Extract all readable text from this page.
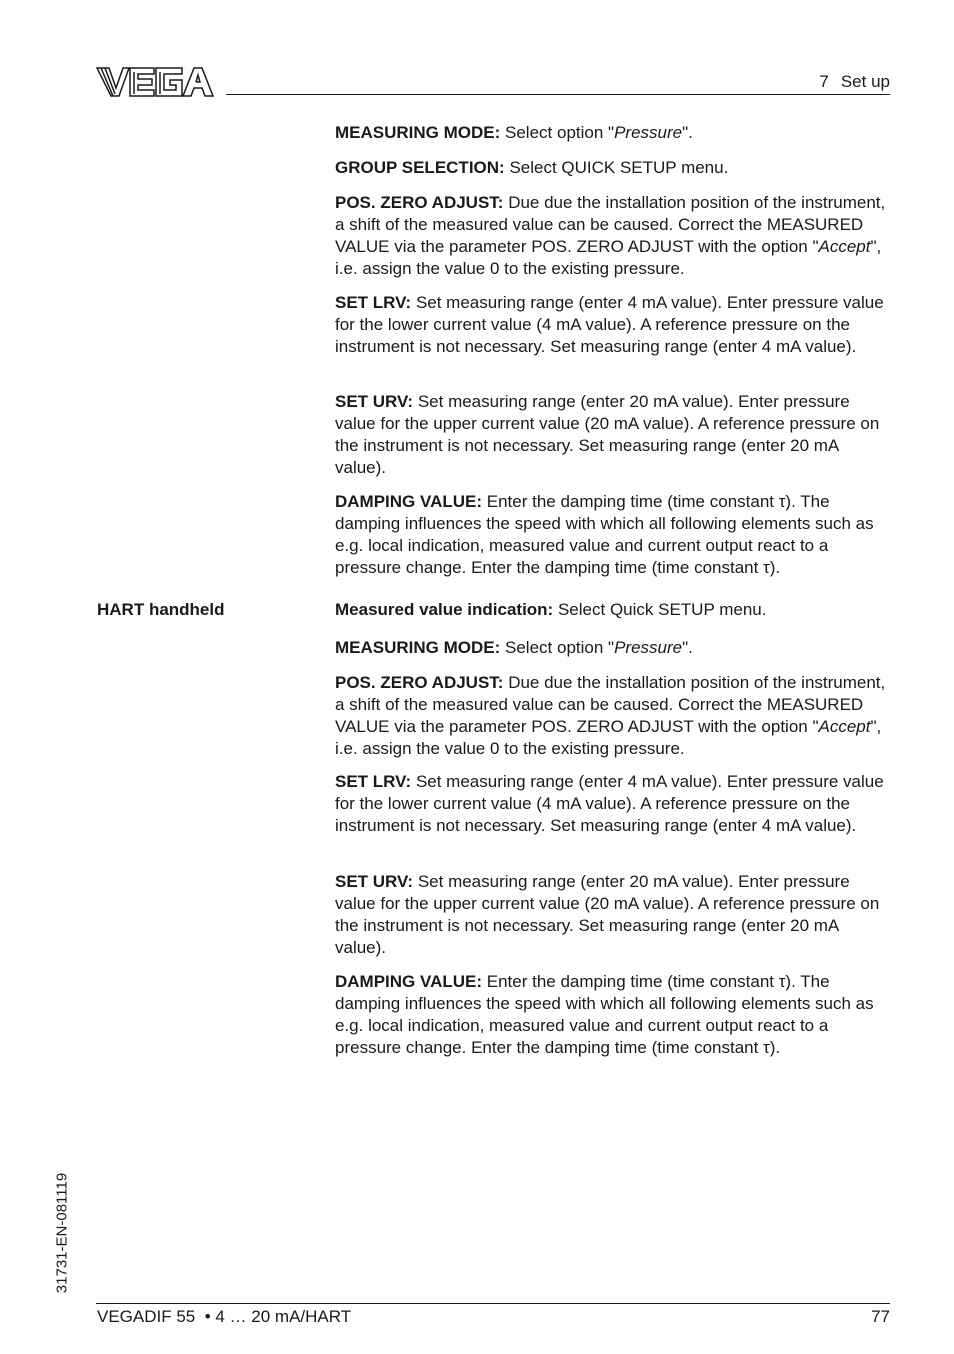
7 Set up

MEASURING MODE: Select option "Pressure".

GROUP SELECTION: Select QUICK SETUP menu.

POS. ZERO ADJUST: Due due the installation position of the instrument, a shift of the measured value can be caused. Correct the MEASURED VALUE via the parameter POS. ZERO ADJUST with the option "Accept", i.e. assign the value 0 to the existing pressure.

SET LRV: Set measuring range (enter 4 mA value). Enter pressure value for the lower current value (4 mA value). A reference pressure on the instrument is not necessary. Set measuring range (enter 4 mA value).

SET URV: Set measuring range (enter 20 mA value). Enter pressure value for the upper current value (20 mA value). A reference pressure on the instrument is not necessary. Set measuring range (enter 20 mA value).

DAMPING VALUE: Enter the damping time (time constant τ). The damping influences the speed with which all following elements such as e.g. local indication, measured value and current output react to a pressure change. Enter the damping time (time constant τ).

HART handheld	Measured value indication: Select Quick SETUP menu.

MEASURING MODE: Select option "Pressure".

POS. ZERO ADJUST: Due due the installation position of the instrument, a shift of the measured value can be caused. Correct the MEASURED VALUE via the parameter POS. ZERO ADJUST with the option "Accept", i.e. assign the value 0 to the existing pressure.

SET LRV: Set measuring range (enter 4 mA value). Enter pressure value for the lower current value (4 mA value). A reference pressure on the instrument is not necessary. Set measuring range (enter 4 mA value).

SET URV: Set measuring range (enter 20 mA value). Enter pressure value for the upper current value (20 mA value). A reference pressure on the instrument is not necessary. Set measuring range (enter 20 mA value).

DAMPING VALUE: Enter the damping time (time constant τ). The damping influences the speed with which all following elements such as e.g. local indication, measured value and current output react to a pressure change. Enter the damping time (time constant τ).

31731-EN-081119
VEGADIF 55  • 4 … 20 mA/HART	77
